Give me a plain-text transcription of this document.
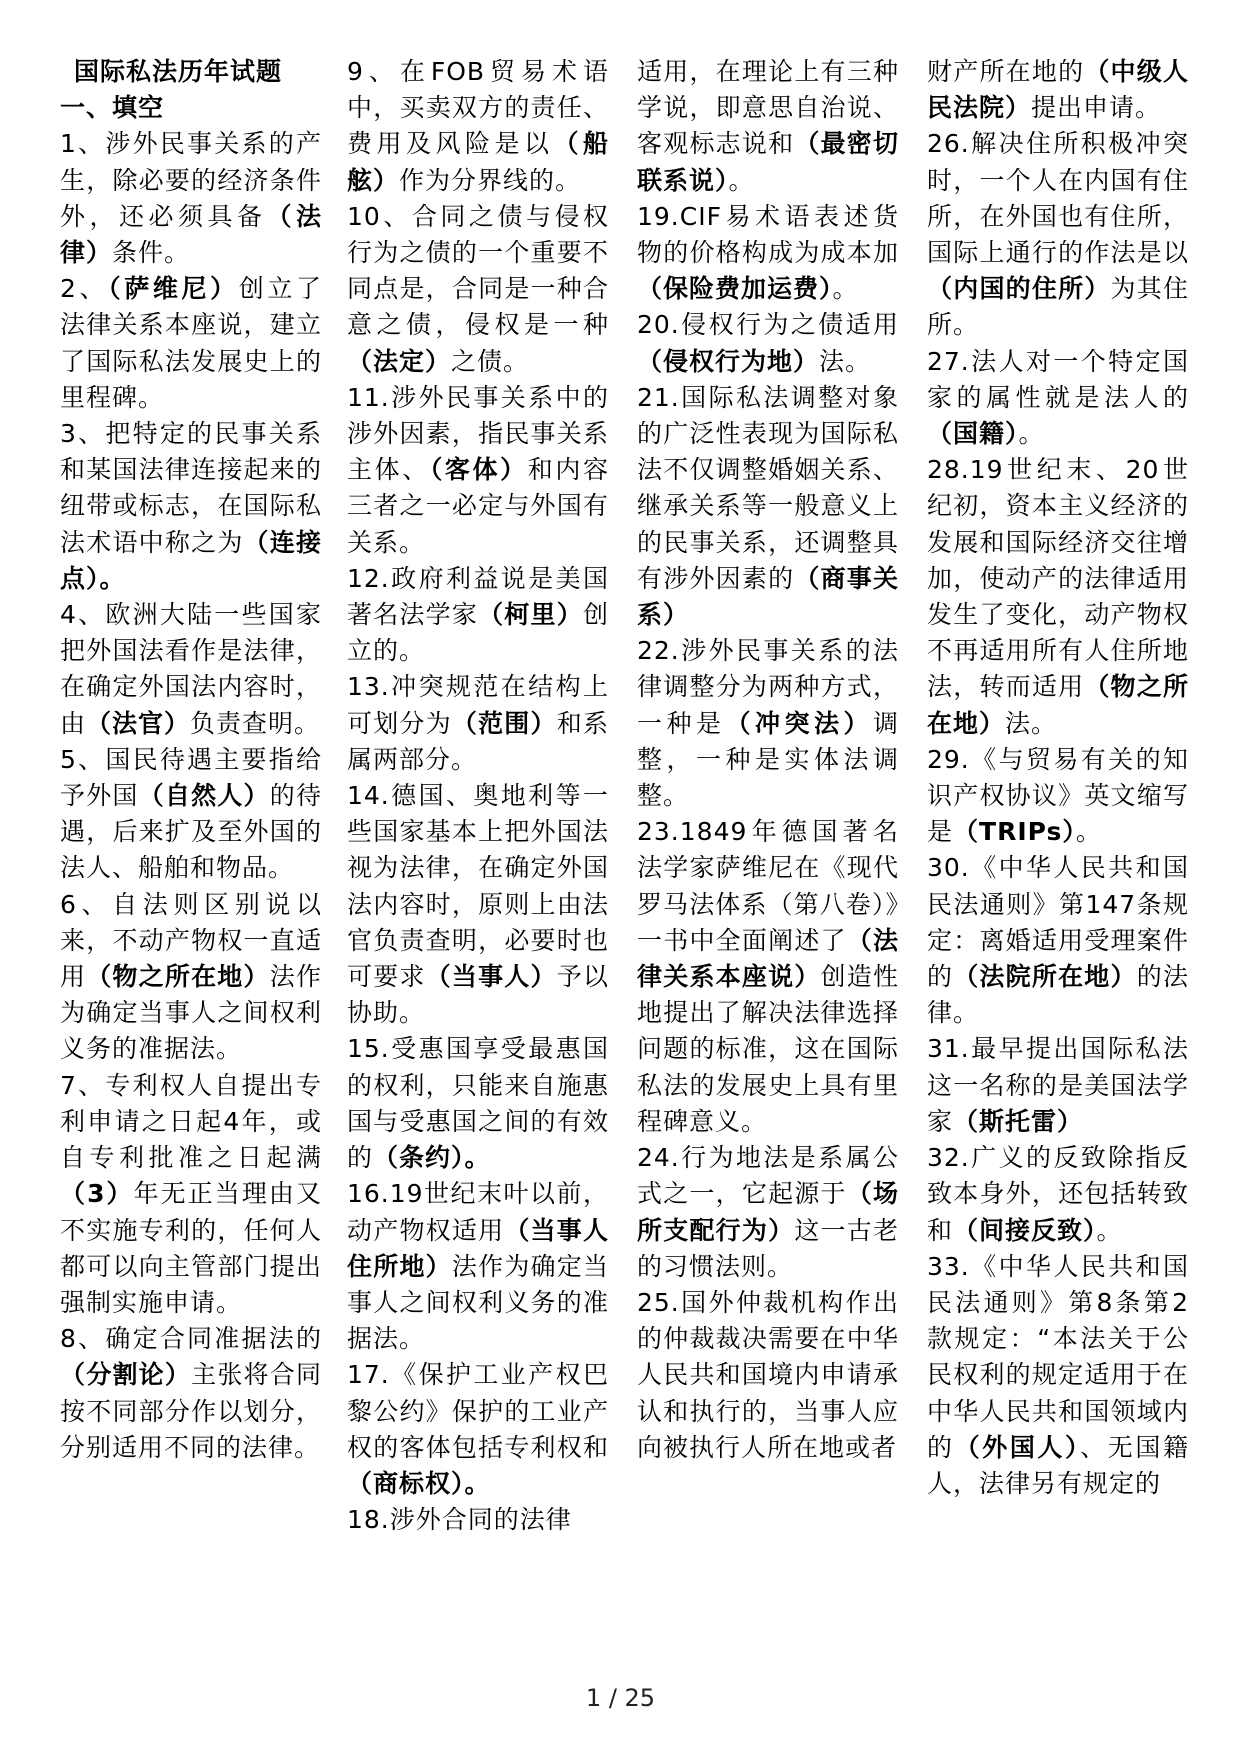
国际私法历年试题
一、填空

1、涉外民事关系的产生，除必要的经济条件外，还必须具备（法律）条件。

2、（萨维尼）创立了法律关系本座说，建立了国际私法发展史上的里程碑。

3、把特定的民事关系和某国法律连接起来的纽带或标志，在国际私法术语中称之为（连接点）。

4、欧洲大陆一些国家把外国法看作是法律，在确定外国法内容时，由（法官）负责查明。

5、国民待遇主要指给予外国（自然人）的待遇，后来扩及至外国的法人、船舶和物品。

6、自法则区别说以来，不动产物权一直适用（物之所在地）法作为确定当事人之间权利义务的准据法。

7、专利权人自提出专利申请之日起4年，或自专利批准之日起满（3）年无正当理由又不实施专利的，任何人都可以向主管部门提出强制实施申请。

8、确定合同准据法的（分割论）主张将合同按不同部分作以划分，分别适用不同的法律。

9、在FOB贸易术语中，买卖双方的责任、费用及风险是以（船舷）作为分界线的。

10、合同之债与侵权行为之债的一个重要不同点是，合同是一种合意之债，侵权是一种（法定）之债。

11.涉外民事关系中的涉外因素，指民事关系主体、（客体）和内容三者之一必定与外国有关系。

12.政府利益说是美国著名法学家（柯里）创立的。

13.冲突规范在结构上可划分为（范围）和系属两部分。

14.德国、奥地利等一些国家基本上把外国法视为法律，在确定外国法内容时，原则上由法官负责查明，必要时也可要求（当事人）予以协助。

15.受惠国享受最惠国的权利，只能来自施惠国与受惠国之间的有效的（条约）。

16.19世纪末叶以前，动产物权适用（当事人住所地）法作为确定当事人之间权利义务的准据法。

17.《保护工业产权巴黎公约》保护的工业产权的客体包括专利权和（商标权）。

18.涉外合同的法律

适用，在理论上有三种学说，即意思自治说、客观标志说和（最密切联系说）。

19.CIF易术语表述货物的价格构成为成本加（保险费加运费）。

20.侵权行为之债适用（侵权行为地）法。

21.国际私法调整对象的广泛性表现为国际私法不仅调整婚姻关系、继承关系等一般意义上的民事关系，还调整具有涉外因素的（商事关系）

22.涉外民事关系的法律调整分为两种方式，一种是（冲突法）调整，一种是实体法调整。

23.1849年德国著名法学家萨维尼在《现代罗马法体系（第八卷）》一书中全面阐述了（法律关系本座说）创造性地提出了解决法律选择问题的标准，这在国际私法的发展史上具有里程碑意义。

24.行为地法是系属公式之一，它起源于（场所支配行为）这一古老的习惯法则。

25.国外仲裁机构作出的仲裁裁决需要在中华人民共和国境内申请承认和执行的，当事人应向被执行人所在地或者

财产所在地的（中级人民法院）提出申请。

26.解决住所积极冲突时，一个人在内国有住所，在外国也有住所，国际上通行的作法是以（内国的住所）为其住所。

27.法人对一个特定国家的属性就是法人的（国籍）。

28.19世纪末、20世纪初，资本主义经济的发展和国际经济交往增加，使动产的法律适用发生了变化，动产物权不再适用所有人住所地法，转而适用（物之所在地）法。

29.《与贸易有关的知识产权协议》英文缩写是（TRIPs）。

30.《中华人民共和国民法通则》第147条规定：离婚适用受理案件的（法院所在地）的法律。

31.最早提出国际私法这一名称的是美国法学家（斯托雷）

32.广义的反致除指反致本身外，还包括转致和（间接反致）。

33.《中华人民共和国民法通则》第8条第2款规定：“本法关于公民权利的规定适用于在中华人民共和国领域内的（外国人）、无国籍人，法律另有规定的

1 / 25
